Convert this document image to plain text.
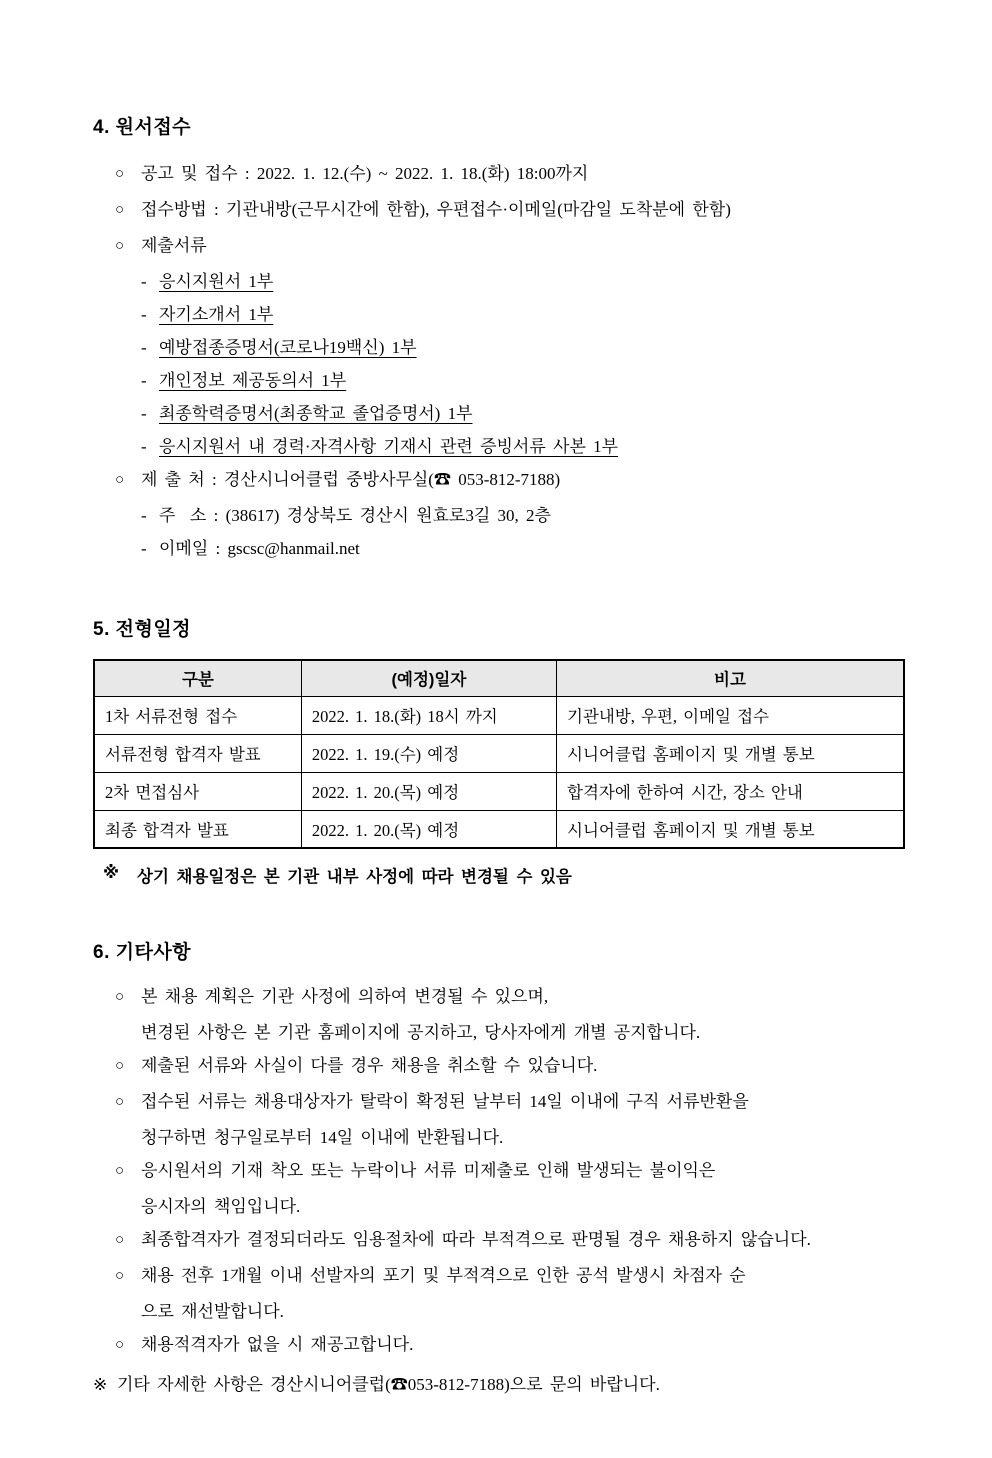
4. 원서접수
○ 공고 및 접수 : 2022. 1. 12.(수) ~ 2022. 1. 18.(화) 18:00까지
○ 접수방법 : 기관내방(근무시간에 한함), 우편접수·이메일(마감일 도착분에 한함)
○ 제출서류
- 응시지원서 1부
- 자기소개서 1부
- 예방접종증명서(코로나19백신) 1부
- 개인정보 제공동의서 1부
- 최종학력증명서(최종학교 졸업증명서) 1부
- 응시지원서 내 경력·자격사항 기재시 관련 증빙서류 사본 1부
○ 제 출 처 : 경산시니어클럽 중방사무실(☎ 053-812-7188)
- 주  소 : (38617) 경상북도 경산시 원효로3길 30, 2층
- 이메일 : gscsc@hanmail.net
5. 전형일정
구분	(예정)일자	비고
1차 서류전형 접수	2022. 1. 18.(화) 18시 까지	기관내방, 우편, 이메일 접수
서류전형 합격자 발표	2022. 1. 19.(수) 예정	시니어클럽 홈페이지 및 개별 통보
2차 면접심사	2022. 1. 20.(목) 예정	합격자에 한하여 시간, 장소 안내
최종 합격자 발표	2022. 1. 20.(목) 예정	시니어클럽 홈페이지 및 개별 통보
※	상기 채용일정은 본 기관 내부 사정에 따라 변경될 수 있음
6. 기타사항
○ 본 채용 계획은 기관 사정에 의하여 변경될 수 있으며,
변경된 사항은 본 기관 홈페이지에 공지하고, 당사자에게 개별 공지합니다.
○ 제출된 서류와 사실이 다를 경우 채용을 취소할 수 있습니다.
○ 접수된 서류는 채용대상자가 탈락이 확정된 날부터 14일 이내에 구직 서류반환을
청구하면 청구일로부터 14일 이내에 반환됩니다.
○ 응시원서의 기재 착오 또는 누락이나 서류 미제출로 인해 발생되는 불이익은
응시자의 책임입니다.
○ 최종합격자가 결정되더라도 임용절차에 따라 부적격으로 판명될 경우 채용하지 않습니다.
○ 채용 전후 1개월 이내 선발자의 포기 및 부적격으로 인한 공석 발생시 차점자 순
으로 재선발합니다.
○ 채용적격자가 없을 시 재공고합니다.
※ 기타 자세한 사항은 경산시니어클럽(☎053-812-7188)으로 문의 바랍니다.
